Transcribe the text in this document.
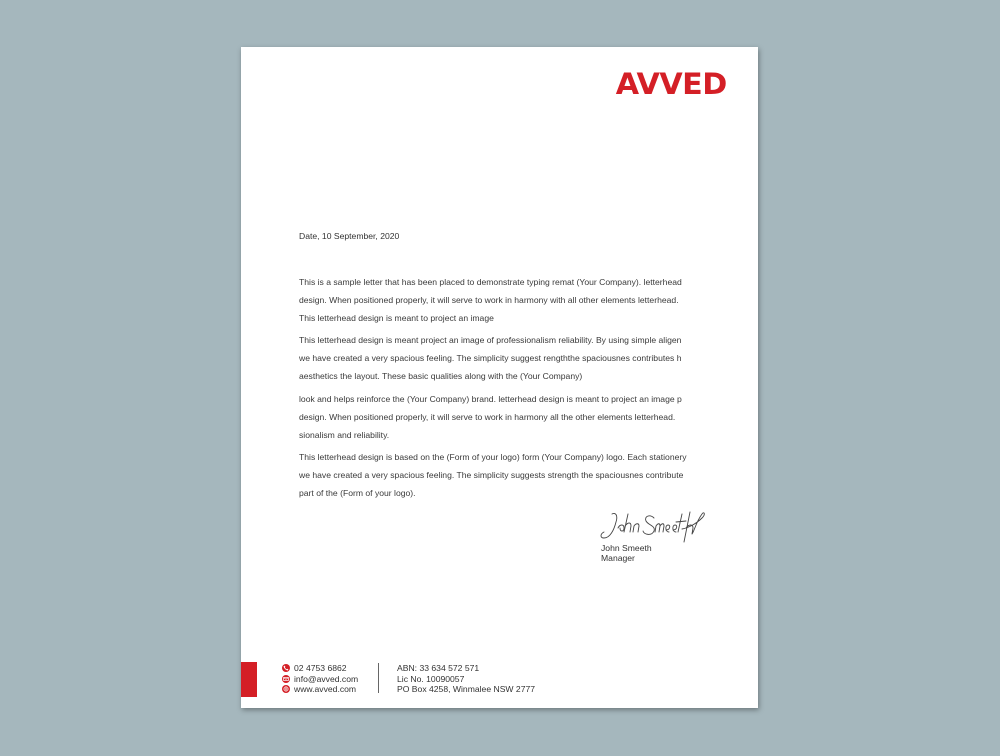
AVVED
Date, 10 September, 2020
This is a sample letter that has been placed to demonstrate typing remat (Your Company). letterhead
design. When positioned properly, it will serve to work in harmony with all other elements letterhead.
This letterhead design is meant to project an image
This letterhead design is meant project an image of professionalism reliability. By using simple aligen
we have created a very spacious feeling. The simplicity suggest rengththe spaciousnes contributes h
aesthetics the layout. These basic qualities along with the (Your Company)
look and helps reinforce the (Your Company) brand. letterhead design is meant to project an image p
design. When positioned properly, it will serve to work in harmony all the other elements letterhead.
sionalism and reliability.
This letterhead design is based on the (Form of your logo) form (Your Company) logo. Each stationery
we have created a very spacious feeling. The simplicity suggests strength the spaciousnes contribute
part of the (Form of your logo).
John Smeeth
Manager
02 4753 6862
info@avved.com
www.avved.com
ABN: 33 634 572 571
Lic No. 10090057
PO Box 4258, Winmalee NSW 2777
